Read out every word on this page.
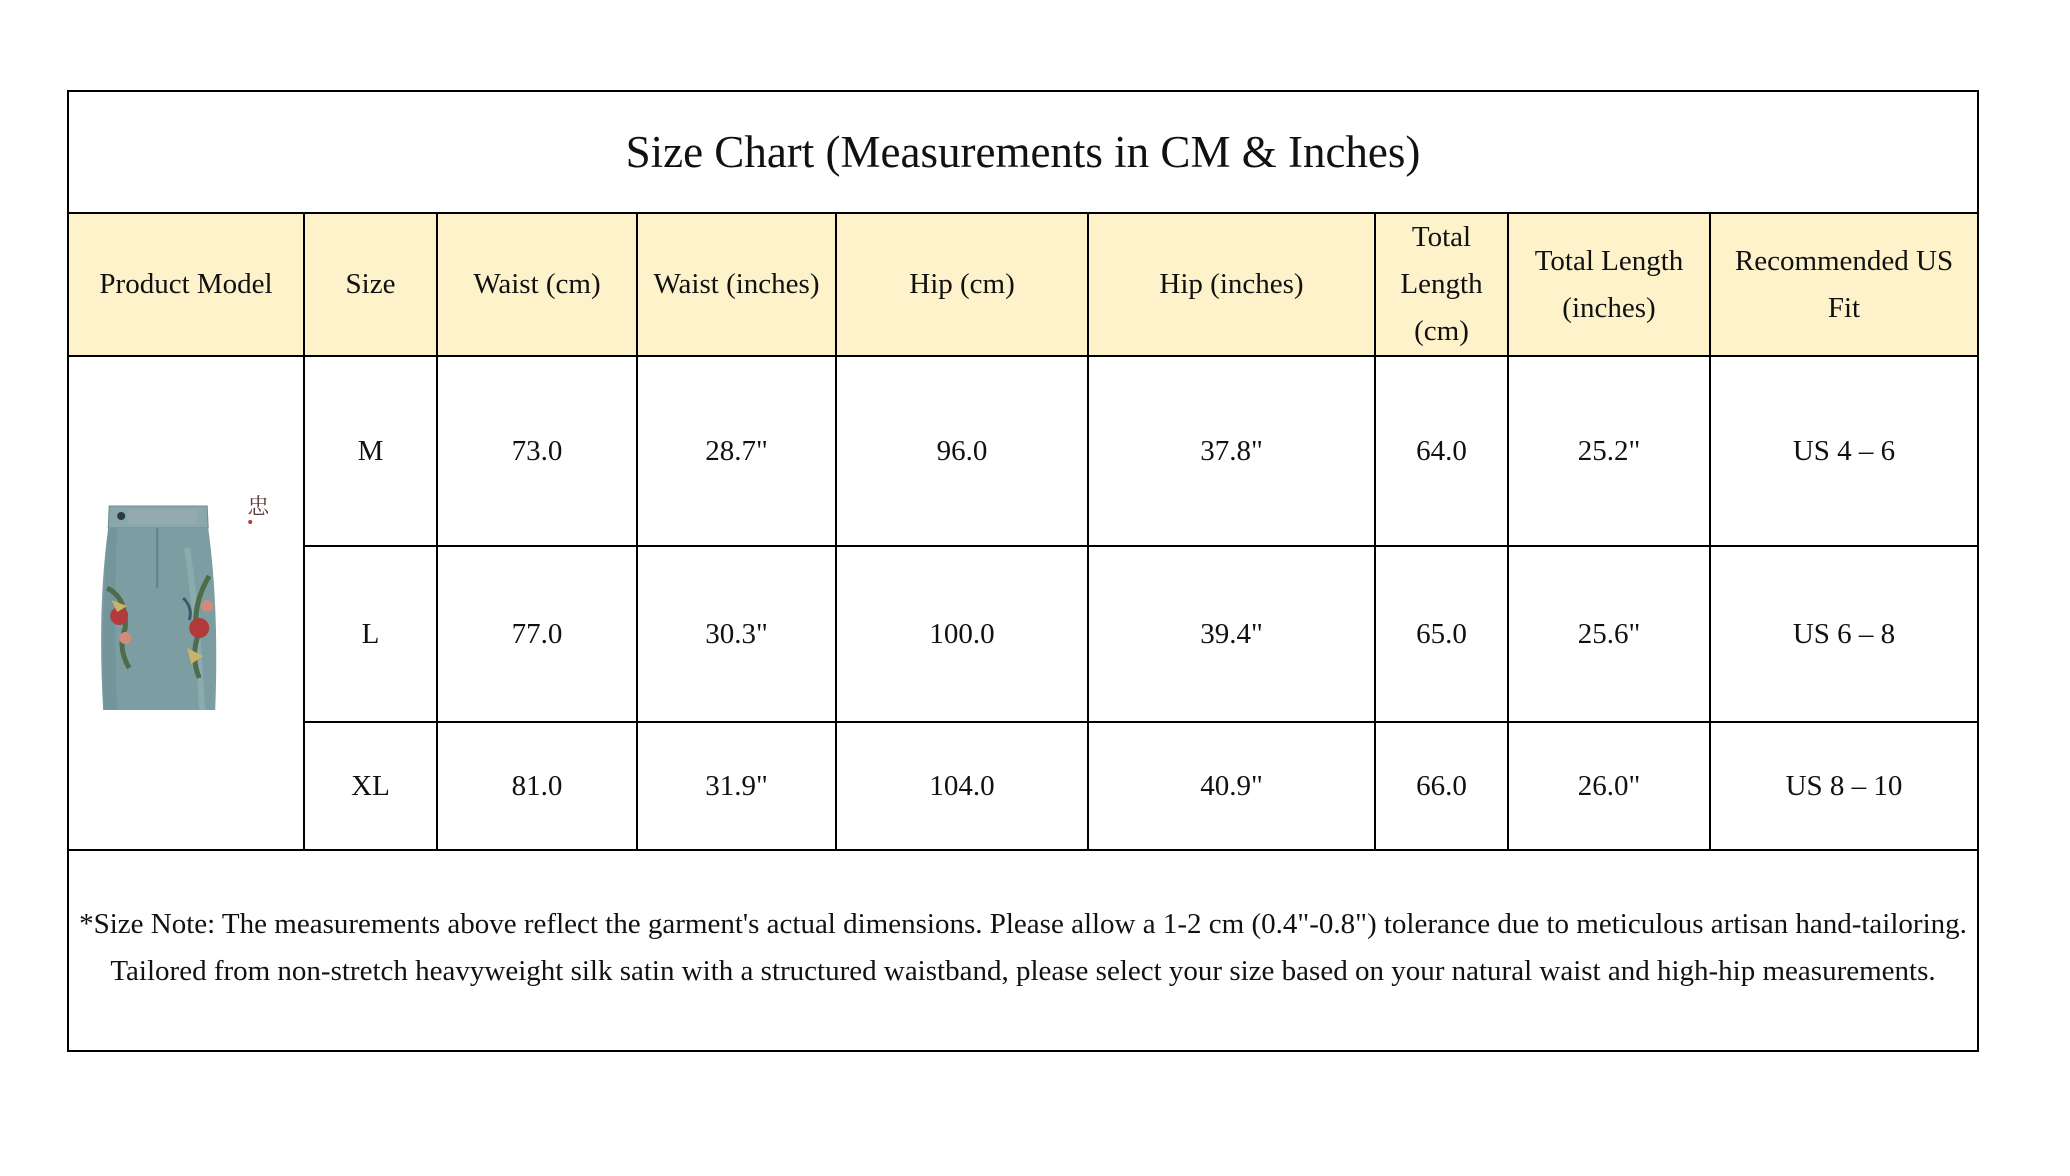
Size Chart (Measurements in CM & Inches)
Product Model	Size	Waist (cm)	Waist (inches)	Hip (cm)	Hip (inches)	Total Length (cm)	Total Length (inches)	Recommended US Fit

忠	M	73.0	28.7"	96.0	37.8"	64.0	25.2"	US 4 – 6
	L	77.0	30.3"	100.0	39.4"	65.0	25.6"	US 6 – 8
	XL	81.0	31.9"	104.0	40.9"	66.0	26.0"	US 8 – 10
*Size Note: The measurements above reflect the garment's actual dimensions. Please allow a 1-2 cm (0.4"-0.8") tolerance due to meticulous artisan hand-tailoring. Tailored from non-stretch heavyweight silk satin with a structured waistband, please select your size based on your natural waist and high-hip measurements.
